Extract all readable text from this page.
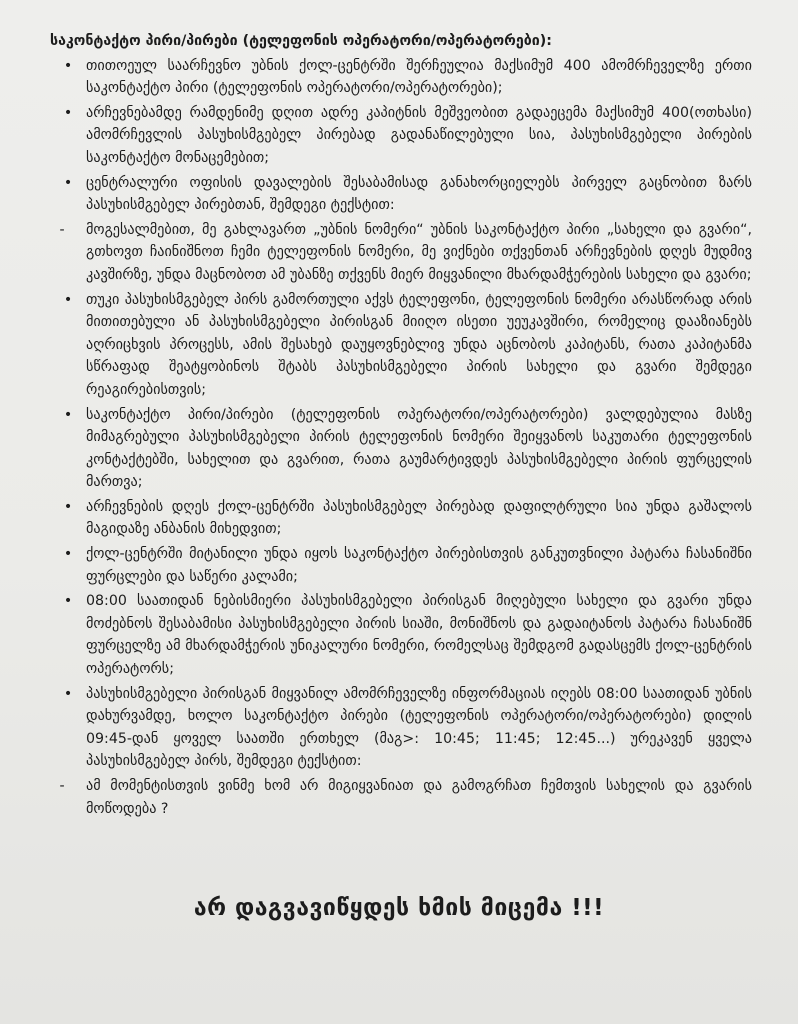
საკონტაქტო პირი/პირები (ტელეფონის ოპერატორი/ოპერატორები):
• თითოეულ საარჩევნო უბნის ქოლ-ცენტრში შერჩეულია მაქსიმუმ 400 ამომრჩეველზე ერთი საკონტაქტო პირი (ტელეფონის ოპერატორი/ოპერატორები);
• არჩევნებამდე რამდენიმე დღით ადრე კაპიტნის მეშვეობით გადაეცემა მაქსიმუმ 400(ოთხასი) ამომრჩევლის პასუხისმგებელ პირებად გადანაწილებული სია, პასუხისმგებელი პირების საკონტაქტო მონაცემებით;
• ცენტრალური ოფისის დავალების შესაბამისად განახორციელებს პირველ გაცნობით ზარს პასუხისმგებელ პირებთან, შემდეგი ტექსტით:
-	მოგესალმებით, მე გახლავართ „უბნის ნომერი“ უბნის საკონტაქტო პირი „სახელი და გვარი“, გთხოვთ ჩაინიშნოთ ჩემი ტელეფონის ნომერი, მე ვიქნები თქვენთან არჩევნების დღეს მუდმივ კავშირზე, უნდა მაცნობოთ ამ უბანზე თქვენს მიერ მიყვანილი მხარდამჭერების სახელი და გვარი;
• თუკი პასუხისმგებელ პირს გამორთული აქვს ტელეფონი, ტელეფონის ნომერი არასწორად არის მითითებული ან პასუხისმგებელი პირისგან მიიღო ისეთი უეუკავშირი, რომელიც დააზიანებს აღრიცხვის პროცესს, ამის შესახებ დაუყოვნებლივ უნდა აცნობოს კაპიტანს, რათა კაპიტანმა სწრაფად შეატყობინოს შტაბს პასუხისმგებელი პირის სახელი და გვარი შემდეგი რეაგირებისთვის;
• საკონტაქტო პირი/პირები (ტელეფონის ოპერატორი/ოპერატორები) ვალდებულია მასზე მიმაგრებული პასუხისმგებელი პირის ტელეფონის ნომერი შეიყვანოს საკუთარი ტელეფონის კონტაქტებში, სახელით და გვარით, რათა გაუმარტივდეს პასუხისმგებელი პირის ფურცელის მართვა;
• არჩევნების დღეს ქოლ-ცენტრში პასუხისმგებელ პირებად დაფილტრული სია უნდა გაშალოს მაგიდაზე ანბანის მიხედვით;
• ქოლ-ცენტრში მიტანილი უნდა იყოს საკონტაქტო პირებისთვის განკუთვნილი პატარა ჩასანიშნი ფურცლები და საწერი კალამი;
• 08:00 საათიდან ნებისმიერი პასუხისმგებელი პირისგან მიღებული სახელი და გვარი უნდა მოძებნოს შესაბამისი პასუხისმგებელი პირის სიაში, მონიშნოს და გადაიტანოს პატარა ჩასანიშნ ფურცელზე ამ მხარდამჭერის უნიკალური ნომერი, რომელსაც შემდგომ გადასცემს ქოლ-ცენტრის ოპერატორს;
• პასუხისმგებელი პირისგან მიყვანილ ამომრჩეველზე ინფორმაციას იღებს 08:00 საათიდან უბნის დახურვამდე, ხოლო საკონტაქტო პირები (ტელეფონის ოპერატორი/ოპერატორები) დილის 09:45-დან ყოველ საათში ერთხელ (მაგ>: 10:45; 11:45; 12:45...) ურეკავენ ყველა პასუხისმგებელ პირს, შემდეგი ტექსტით:
-	ამ მომენტისთვის ვინმე ხომ არ მიგიყვანიათ და გამოგრჩათ ჩემთვის სახელის და გვარის მოწოდება ?
არ დაგვავიწყდეს ხმის მიცემა !!!
